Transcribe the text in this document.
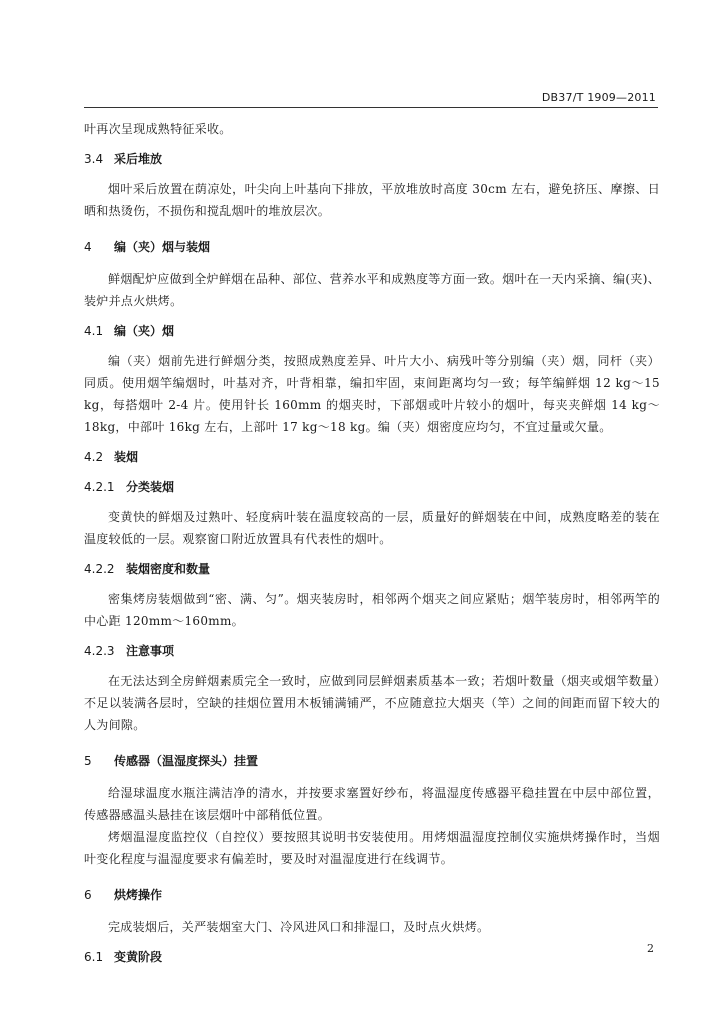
DB37/T 1909—2011

叶再次呈现成熟特征采收。

3.4 采后堆放

烟叶采后放置在荫凉处，叶尖向上叶基向下排放，平放堆放时高度 30cm 左右，避免挤压、摩擦、日晒和热烫伤，不损伤和搅乱烟叶的堆放层次。

4 编（夹）烟与装烟

鲜烟配炉应做到全炉鲜烟在品种、部位、营养水平和成熟度等方面一致。烟叶在一天内采摘、编(夹)、装炉并点火烘烤。

4.1 编（夹）烟

编（夹）烟前先进行鲜烟分类，按照成熟度差异、叶片大小、病残叶等分别编（夹）烟，同杆（夹）同质。使用烟竿编烟时，叶基对齐，叶背相靠，编扣牢固，束间距离均匀一致；每竿编鲜烟 12 kg～15 kg，每搭烟叶 2-4 片。使用针长 160mm 的烟夹时，下部烟或叶片较小的烟叶，每夹夹鲜烟 14 kg～18kg，中部叶 16kg 左右，上部叶 17 kg～18 kg。编（夹）烟密度应均匀，不宜过量或欠量。

4.2 装烟
4.2.1 分类装烟

变黄快的鲜烟及过熟叶、轻度病叶装在温度较高的一层，质量好的鲜烟装在中间，成熟度略差的装在温度较低的一层。观察窗口附近放置具有代表性的烟叶。

4.2.2 装烟密度和数量

密集烤房装烟做到“密、满、匀”。烟夹装房时，相邻两个烟夹之间应紧贴；烟竿装房时，相邻两竿的中心距 120mm～160mm。

4.2.3 注意事项

在无法达到全房鲜烟素质完全一致时，应做到同层鲜烟素质基本一致；若烟叶数量（烟夹或烟竿数量）不足以装满各层时，空缺的挂烟位置用木板铺满铺严，不应随意拉大烟夹（竿）之间的间距而留下较大的人为间隙。

5 传感器（温湿度探头）挂置

给湿球温度水瓶注满洁净的清水，并按要求塞置好纱布，将温湿度传感器平稳挂置在中层中部位置，传感器感温头悬挂在该层烟叶中部稍低位置。

烤烟温湿度监控仪（自控仪）要按照其说明书安装使用。用烤烟温湿度控制仪实施烘烤操作时，当烟叶变化程度与温湿度要求有偏差时，要及时对温湿度进行在线调节。

6 烘烤操作

完成装烟后，关严装烟室大门、冷风进风口和排湿口，及时点火烘烤。

6.1 变黄阶段
2
